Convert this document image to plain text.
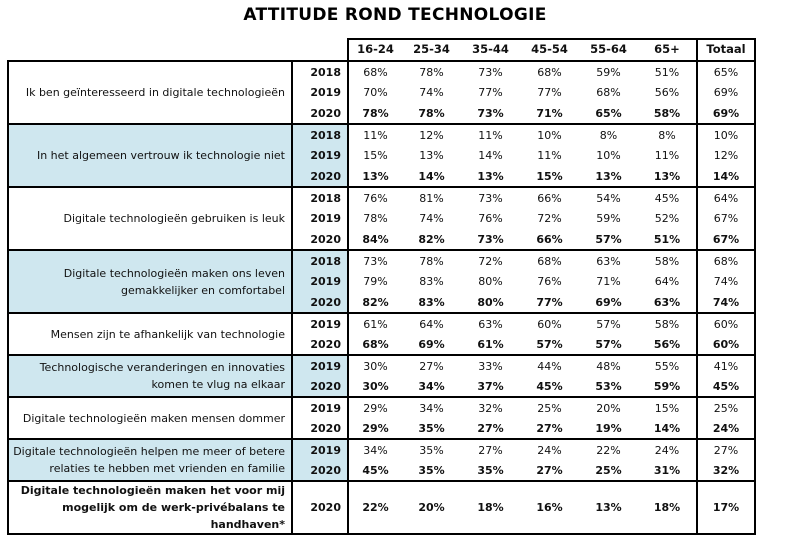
ATTITUDE ROND TECHNOLOGIE
		16-24	25-34	35-44	45-54	55-64	65+	Totaal
Ik ben geïnteresseerd in digitale technologieën	2018	68%	78%	73%	68%	59%	51%	65%
	2019	70%	74%	77%	77%	68%	56%	69%
	2020	78%	78%	73%	71%	65%	58%	69%
In het algemeen vertrouw ik technologie niet	2018	11%	12%	11%	10%	8%	8%	10%
	2019	15%	13%	14%	11%	10%	11%	12%
	2020	13%	14%	13%	15%	13%	13%	14%
Digitale technologieën gebruiken is leuk	2018	76%	81%	73%	66%	54%	45%	64%
	2019	78%	74%	76%	72%	59%	52%	67%
	2020	84%	82%	73%	66%	57%	51%	67%
Digitale technologieën maken ons leven gemakkelijker en comfortabel	2018	73%	78%	72%	68%	63%	58%	68%
	2019	79%	83%	80%	76%	71%	64%	74%
	2020	82%	83%	80%	77%	69%	63%	74%
Mensen zijn te afhankelijk van technologie	2019	61%	64%	63%	60%	57%	58%	60%
	2020	68%	69%	61%	57%	57%	56%	60%
Technologische veranderingen en innovaties komen te vlug na elkaar	2019	30%	27%	33%	44%	48%	55%	41%
	2020	30%	34%	37%	45%	53%	59%	45%
Digitale technologieën maken mensen dommer	2019	29%	34%	32%	25%	20%	15%	25%
	2020	29%	35%	27%	27%	19%	14%	24%
Digitale technologieën helpen me meer of betere relaties te hebben met vrienden en familie	2019	34%	35%	27%	24%	22%	24%	27%
	2020	45%	35%	35%	27%	25%	31%	32%
Digitale technologieën maken het voor mij mogelijk om de werk-privébalans te handhaven*	2020	22%	20%	18%	16%	13%	18%	17%
